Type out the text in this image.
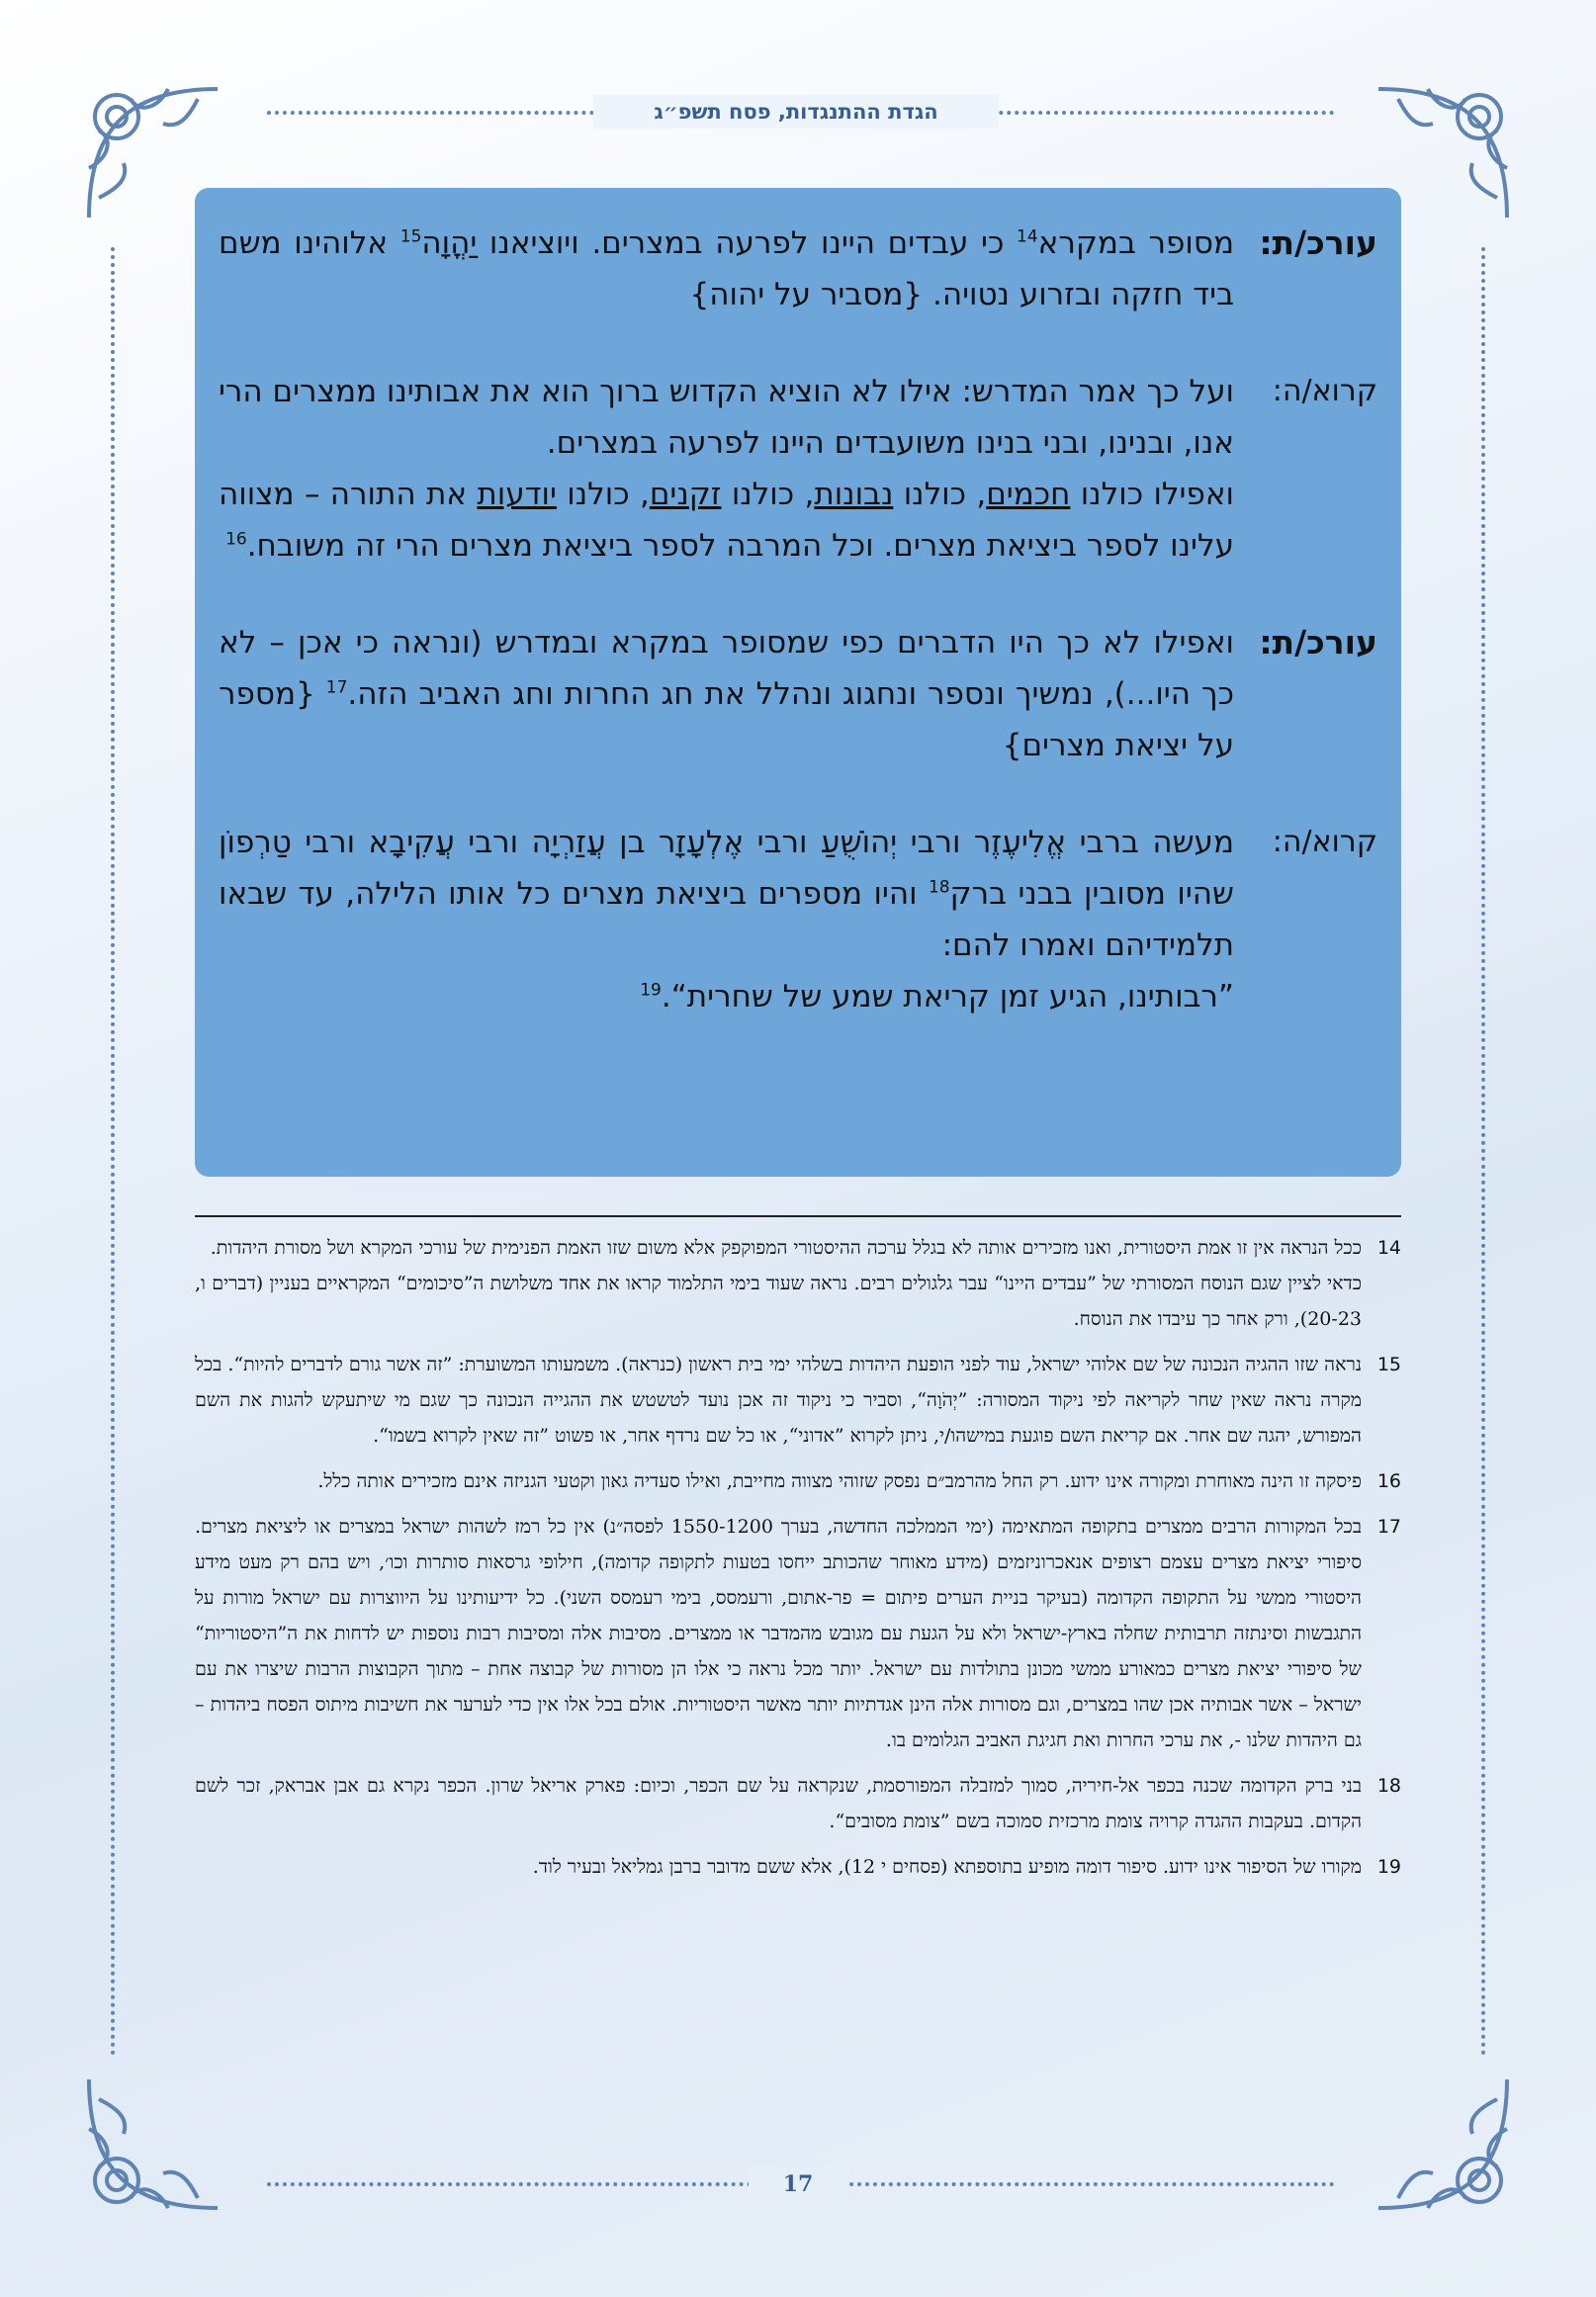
הגדת ההתנגדות, פסח תשפ״ג
עורכ/ת:

מסופר במקרא$^{14}$ כי עבדים היינו לפרעה במצרים. ויוציאנו יַהֳוָה$^{15}$ אלוהינו משם ביד חזקה ובזרוע נטויה. {מסביר על יהוה}

קרוא/ה:

ועל כך אמר המדרש: אילו לא הוציא הקדוש ברוך הוא את אבותינו ממצרים הרי אנו, ובנינו, ובני בנינו משועבדים היינו לפרעה במצרים.

ואפילו כולנו חכמים, כולנו נבונות, כולנו זקנים, כולנו יודעות את התורה – מצווה עלינו לספר ביציאת מצרים. וכל המרבה לספר ביציאת מצרים הרי זה משובח.$^{16}$

עורכ/ת:

ואפילו לא כך היו הדברים כפי שמסופר במקרא ובמדרש (ונראה כי אכן – לא כך היו...), נמשיך ונספר ונחגוג ונהלל את חג החרות וחג האביב הזה.$^{17}$ {מספר על יציאת מצרים}

קרוא/ה:

מעשה ברבי אֱלִיעֶזֶר ורבי יְהוֹשֻׁעַ ורבי אֶלְעָזָר בן עֲזַרְיָה ורבי עֲקִיבָא ורבי טַרְפוֹן שהיו מסובין בבני ברק$^{18}$ והיו מספרים ביציאת מצרים כל אותו הלילה, עד שבאו תלמידיהם ואמרו להם:

”רבותינו, הגיע זמן קריאת שמע של שחרית“.$^{19}$

14

ככל הנראה אין זו אמת היסטורית, ואנו מזכירים אותה לא בגלל ערכה ההיסטורי המפוקפק אלא משום שזו האמת הפנימית של עורכי המקרא ושל מסורת היהדות.

כדאי לציין שגם הנוסח המסורתי של ”עבדים היינו“ עבר גלגולים רבים. נראה שעוד בימי התלמוד קראו את אחד משלושת ה”סיכומים“ המקראיים בעניין (דברים ו, 20-23), ורק אחר כך עיבדו את הנוסח.

15

נראה שזו ההגיה הנכונה של שם אלוהי ישראל, עוד לפני הופעת היהדות בשלהי ימי בית ראשון (כנראה). משמעותו המשוערת: ”זה אשר גורם לדברים להיות“. בכל מקרה נראה שאין שחר לקריאה לפי ניקוד המסורה: ”יְהֹוָה“, וסביר כי ניקוד זה אכן נועד לטשטש את ההגייה הנכונה כך שגם מי שיתעקש להגות את השם המפורש, יהגה שם אחר. אם קריאת השם פוגעת במישהו/י, ניתן לקרוא ”אדוני“, או כל שם נרדף אחר, או פשוט ”זה שאין לקרוא בשמו“.

16

פיסקה זו הינה מאוחרת ומקורה אינו ידוע. רק החל מהרמב״ם נפסק שזוהי מצווה מחייבת, ואילו סעדיה גאון וקטעי הגניזה אינם מזכירים אותה כלל.

17

בכל המקורות הרבים ממצרים בתקופה המתאימה (ימי הממלכה החדשה, בערך 1550-1200 לפסה״נ) אין כל רמז לשהות ישראל במצרים או ליציאת מצרים. סיפורי יציאת מצרים עצמם רצופים אנאכרוניזמים (מידע מאוחר שהכותב ייחסו בטעות לתקופה קדומה), חילופי גרסאות סותרות וכו׳, ויש בהם רק מעט מידע היסטורי ממשי על התקופה הקדומה (בעיקר בניית הערים פיתום = פר-אתום, ורעמסס, בימי רעמסס השני). כל ידיעותינו על היווצרות עם ישראל מורות על התגבשות וסינתזה תרבותית שחלה בארץ-ישראל ולא על הגעת עם מגובש מהמדבר או ממצרים. מסיבות אלה ומסיבות רבות נוספות יש לדחות את ה”היסטוריות“ של סיפורי יציאת מצרים כמאורע ממשי מכונן בתולדות עם ישראל. יותר מכל נראה כי אלו הן מסורות של קבוצה אחת – מתוך הקבוצות הרבות שיצרו את עם ישראל – אשר אבותיה אכן שהו במצרים, וגם מסורות אלה הינן אגדתיות יותר מאשר היסטוריות. אולם בכל אלו אין כדי לערער את חשיבות מיתוס הפסח ביהדות – גם היהדות שלנו -, את ערכי החרות ואת חגיגת האביב הגלומים בו.

18

בני ברק הקדומה שכנה בכפר אל-חיריה, סמוך למזבלה המפורסמת, שנקראה על שם הכפר, וכיום: פארק אריאל שרון. הכפר נקרא גם אבן אבראק, זכר לשם הקדום. בעקבות ההגדה קרויה צומת מרכזית סמוכה בשם ”צומת מסובים“.

19

מקורו של הסיפור אינו ידוע. סיפור דומה מופיע בתוספתא (פסחים י 12), אלא ששם מדובר ברבן גמליאל ובעיר לוד.

17
